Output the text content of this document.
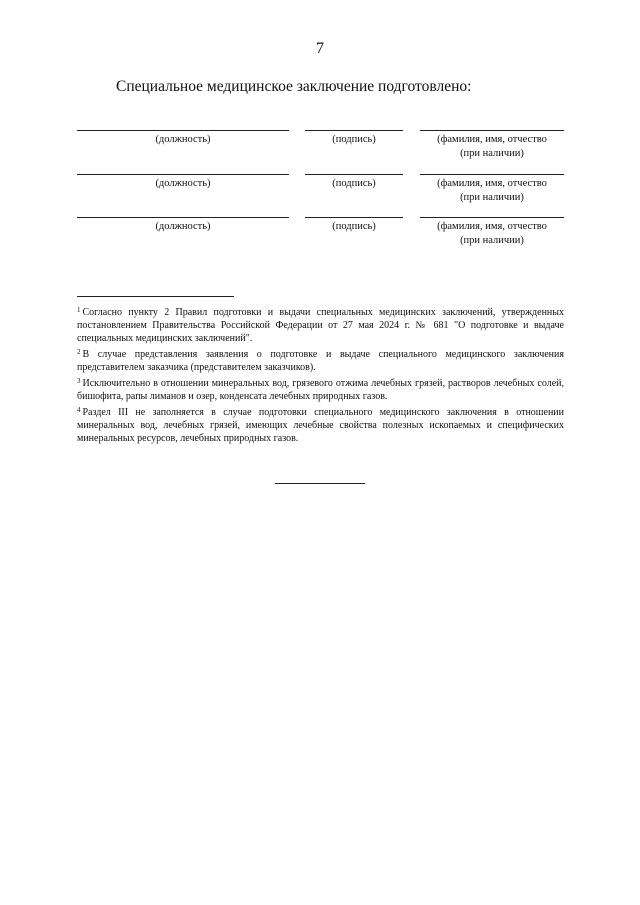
7
Специальное медицинское заключение подготовлено:
(должность)	(подпись)	(фамилия, имя, отчество
(при наличии)
(должность)	(подпись)	(фамилия, имя, отчество
(при наличии)
(должность)	(подпись)	(фамилия, имя, отчество
(при наличии)

$^1$ Согласно пункту 2 Правил подготовки и выдачи специальных медицинских заключений, утвержденных постановлением Правительства Российской Федерации от 27 мая 2024 г. № 681 "О подготовке и выдаче специальных медицинских заключений".

$^2$ В случае представления заявления о подготовке и выдаче специального медицинского заключения представителем заказчика (представителем заказчиков).

$^3$ Исключительно в отношении минеральных вод, грязевого отжима лечебных грязей, растворов лечебных солей, бишофита, рапы лиманов и озер, конденсата лечебных природных газов.

$^4$ Раздел III не заполняется в случае подготовки специального медицинского заключения в отношении минеральных вод, лечебных грязей, имеющих лечебные свойства полезных ископаемых и специфических минеральных ресурсов, лечебных природных газов.
